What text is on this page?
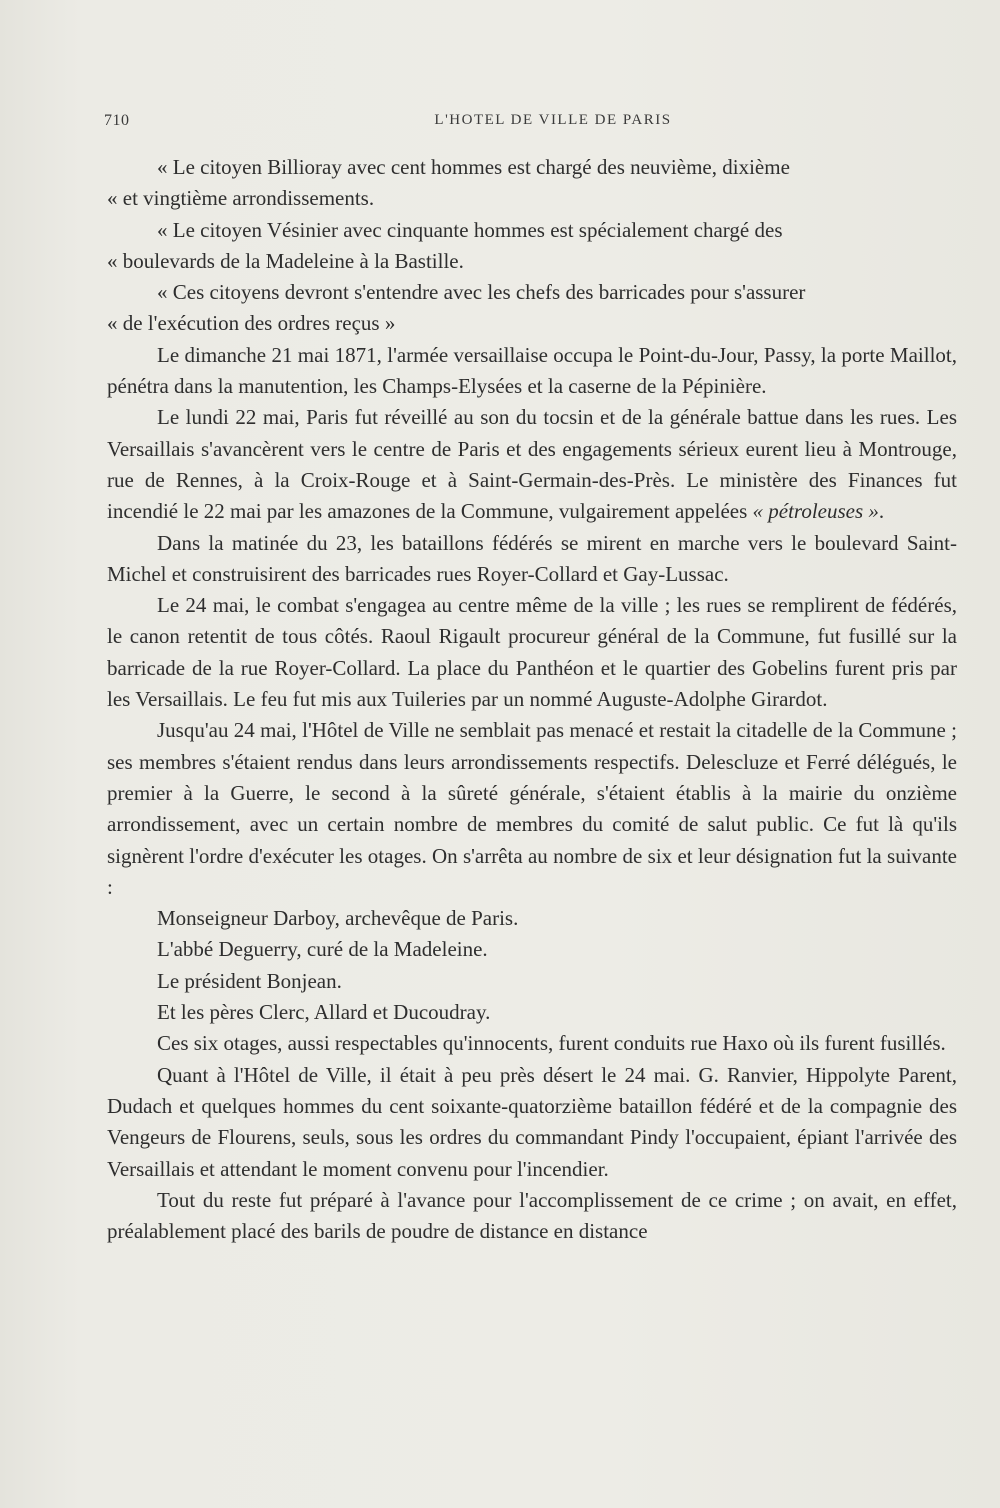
710	L'HOTEL DE VILLE DE PARIS

« Le citoyen Billioray avec cent hommes est chargé des neuvième, dixième

« et vingtième arrondissements.

« Le citoyen Vésinier avec cinquante hommes est spécialement chargé des

« boulevards de la Madeleine à la Bastille.

« Ces citoyens devront s'entendre avec les chefs des barricades pour s'assurer

« de l'exécution des ordres reçus »

Le dimanche 21 mai 1871, l'armée versaillaise occupa le Point-du-Jour, Passy, la porte Maillot, pénétra dans la manutention, les Champs-Elysées et la caserne de la Pépinière.

Le lundi 22 mai, Paris fut réveillé au son du tocsin et de la générale battue dans les rues. Les Versaillais s'avancèrent vers le centre de Paris et des engagements sérieux eurent lieu à Montrouge, rue de Rennes, à la Croix-Rouge et à Saint-Germain-des-Près. Le ministère des Finances fut incendié le 22 mai par les amazones de la Commune, vulgairement appelées « pétroleuses ».

Dans la matinée du 23, les bataillons fédérés se mirent en marche vers le boulevard Saint-Michel et construisirent des barricades rues Royer-Collard et Gay-Lussac.

Le 24 mai, le combat s'engagea au centre même de la ville ; les rues se remplirent de fédérés, le canon retentit de tous côtés. Raoul Rigault procureur général de la Commune, fut fusillé sur la barricade de la rue Royer-Collard. La place du Panthéon et le quartier des Gobelins furent pris par les Versaillais. Le feu fut mis aux Tuileries par un nommé Auguste-Adolphe Girardot.

Jusqu'au 24 mai, l'Hôtel de Ville ne semblait pas menacé et restait la citadelle de la Commune ; ses membres s'étaient rendus dans leurs arrondissements respectifs. Delescluze et Ferré délégués, le premier à la Guerre, le second à la sûreté générale, s'étaient établis à la mairie du onzième arrondissement, avec un certain nombre de membres du comité de salut public. Ce fut là qu'ils signèrent l'ordre d'exécuter les otages. On s'arrêta au nombre de six et leur désignation fut la suivante :

Monseigneur Darboy, archevêque de Paris.

L'abbé Deguerry, curé de la Madeleine.

Le président Bonjean.

Et les pères Clerc, Allard et Ducoudray.

Ces six otages, aussi respectables qu'innocents, furent conduits rue Haxo où ils furent fusillés.

Quant à l'Hôtel de Ville, il était à peu près désert le 24 mai. G. Ranvier, Hippolyte Parent, Dudach et quelques hommes du cent soixante-quatorzième bataillon fédéré et de la compagnie des Vengeurs de Flourens, seuls, sous les ordres du commandant Pindy l'occupaient, épiant l'arrivée des Versaillais et attendant le moment convenu pour l'incendier.

Tout du reste fut préparé à l'avance pour l'accomplissement de ce crime ; on avait, en effet, préalablement placé des barils de poudre de distance en distance
